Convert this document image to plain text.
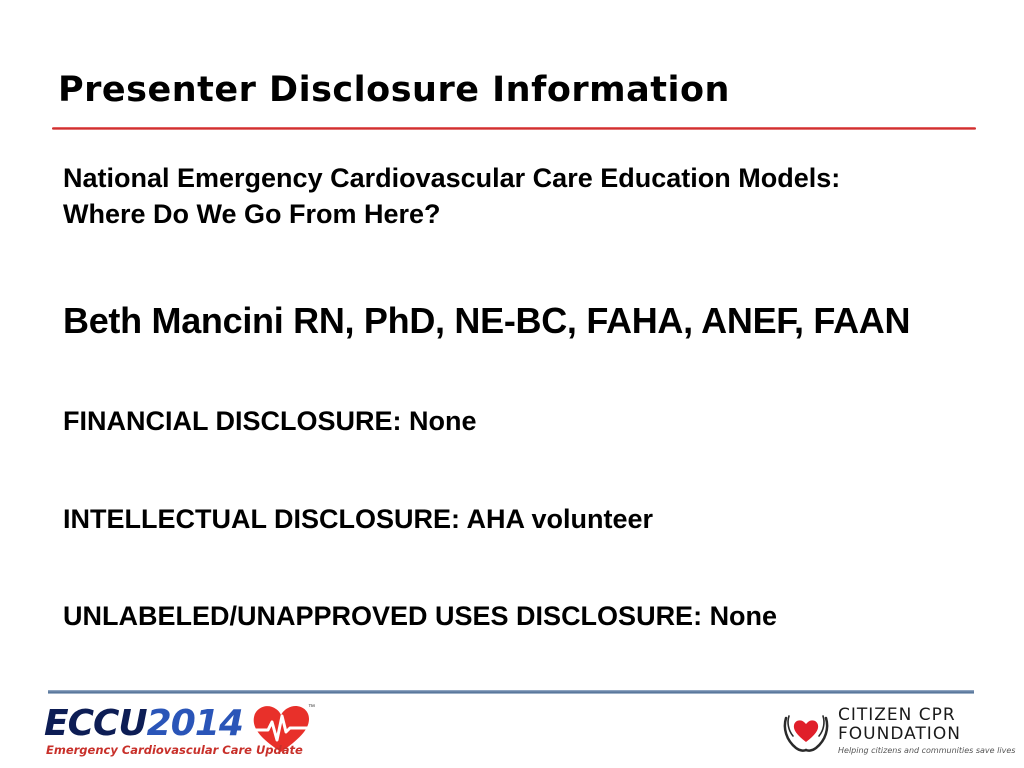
Presenter Disclosure Information
National Emergency Cardiovascular Care Education Models:
Where Do We Go From Here?
Beth Mancini RN, PhD, NE-BC, FAHA, ANEF, FAAN
FINANCIAL DISCLOSURE: None
INTELLECTUAL DISCLOSURE: AHA volunteer
UNLABELED/UNAPPROVED USES DISCLOSURE: None
ECCU2014	™
Emergency Cardiovascular Care Update
CITIZEN CPR
FOUNDATION
Helping citizens and communities save lives
